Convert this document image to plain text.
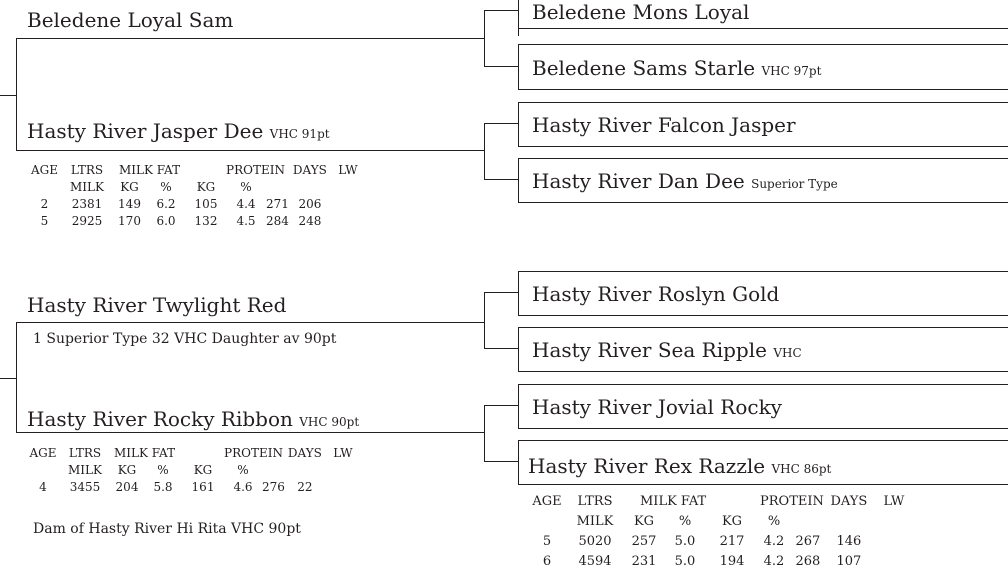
Beledene Loyal Sam
Hasty River Jasper Dee VHC 91pt
AGE	LTRS	MILK FAT			PROTEIN		DAYS	LW
	MILK	KG	%	KG	%			
2	2381	149	6.2	105	4.4	271	206	
5	2925	170	6.0	132	4.5	284	248	
Hasty River Twylight Red
1 Superior Type 32 VHC Daughter av 90pt
Hasty River Rocky Ribbon VHC 90pt
AGE	LTRS	MILK FAT			PROTEIN		DAYS	LW
	MILK	KG	%	KG	%			
4	3455	204	5.8	161	4.6	276	22	
Dam of Hasty River Hi Rita VHC 90pt
Beledene Mons Loyal
Beledene Sams Starle VHC 97pt
Hasty River Falcon Jasper
Hasty River Dan Dee Superior Type
Hasty River Roslyn Gold
Hasty River Sea Ripple VHC
Hasty River Jovial Rocky
Hasty River Rex Razzle VHC 86pt
AGE	LTRS	MILK FAT			PROTEIN		DAYS	LW
	MILK	KG	%	KG	%			
5	5020	257	5.0	217	4.2	267	146	
6	4594	231	5.0	194	4.2	268	107	
